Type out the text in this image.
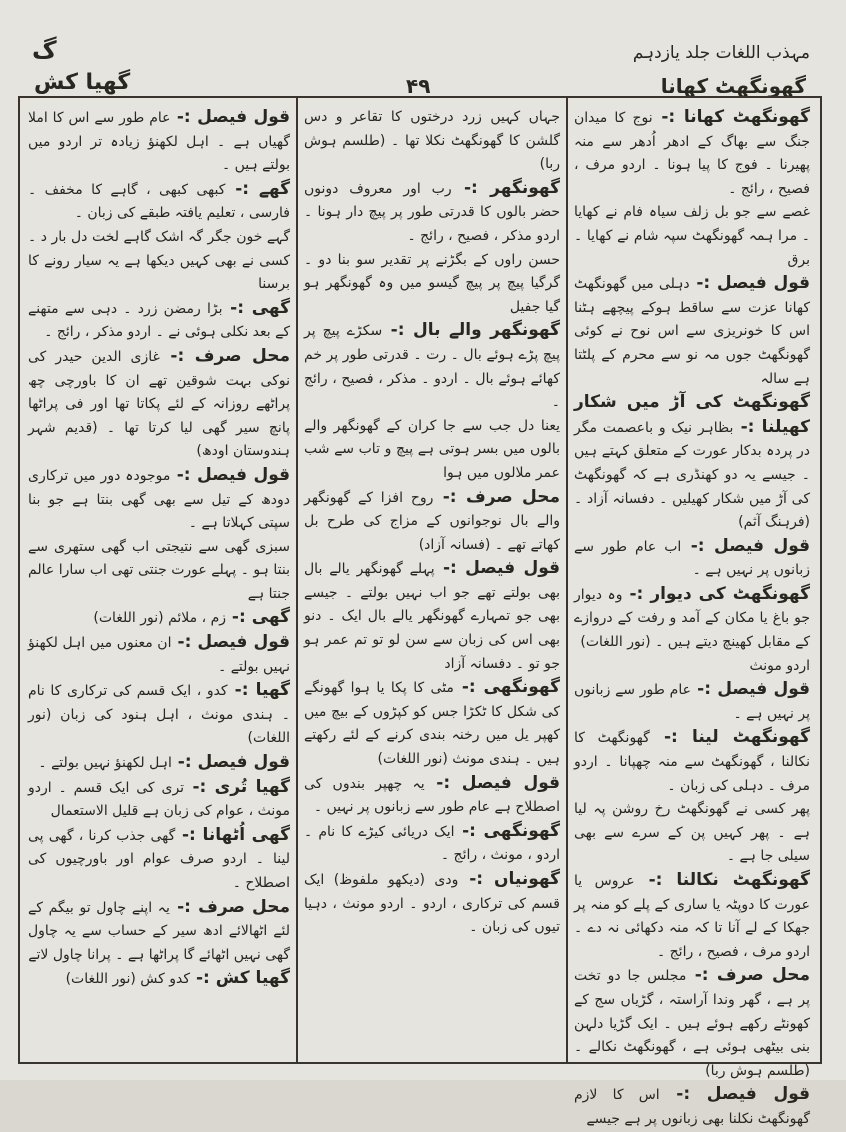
مہذب اللغات جلد یازدہم
گھونگھٹ کھانا
۴۹
گ
گھیا کش

گھونگھٹ کھانا :- نوج کا میدان جنگ سے بھاگ کے ادھر اُدھر سے منہ پھیرنا ۔ فوج کا پیا ہونا ۔ اردو مرف ، فصیح ، رائج ۔

غصے سے جو بل زلف سیاہ فام نے کھایا ۔ مرا ہمہ گھونگھٹ سپہ شام نے کھایا ۔ برق

قول فیصل :- دہلی میں گھونگھٹ کھانا عزت سے ساقط ہوکے پیچھے ہٹنا اس کا خونریزی سے اس نوح نے کوئی گھونگھٹ جوں مہ نو سے محرم کے پلٹتا ہے سالہ

گھونگھٹ کی آڑ میں شکار کھیلنا :- بظاہر نیک و باعصمت مگر در پردہ بدکار عورت کے متعلق کہتے ہیں ۔ جیسے یہ دو کھنڈری ہے کہ گھونگھٹ کی آڑ میں شکار کھیلیں ۔ دفسانہ آزاد ۔ (فرہنگ آثم)

قول فیصل :- اب عام طور سے زبانوں پر نہیں ہے ۔

گھونگھٹ کی دیوار :- وہ دیوار جو باغ یا مکان کے آمد و رفت کے دروازے کے مقابل کھینچ دیتے ہیں ۔ (نور اللغات)

اردو مونث

قول فیصل :- عام طور سے زبانوں پر نہیں ہے ۔

گھونگھٹ لینا :- گھونگھٹ کا نکالنا ، گھونگھٹ سے منہ چھپانا ۔ اردو مرف ۔ دہلی کی زبان ۔

پھر کسی نے گھونگھٹ رخ روشن پہ لیا ہے ۔ پھر کہیں پن کے سرے سے بھی سیلی جا ہے ۔

گھونگھٹ نکالنا :- عروس یا عورت کا دوپٹہ یا ساری کے پلے کو منہ پر جھکا کے لے آنا تا کہ منہ دکھائی نہ دے ۔ اردو مرف ، فصیح ، رائج ۔

محل صرف :- مجلس جا دو تخت پر ہے ، گھر وندا آراستہ ، گڑیاں سج کے کھونٹے رکھے ہوئے ہیں ۔ ایک گڑیا دلہن بنی بیٹھی ہوئی ہے ، گھونگھٹ نکالے ۔ (طلسم ہوش ربا)

قول فیصل :- اس کا لازم گھونگھٹ نکلنا بھی زبانوں پر ہے جیسے

جہاں کہیں زرد درختوں کا تقاعر و دس گلشن کا گھونگھٹ نکلا تھا ۔ (طلسم ہوش ربا)

گھونگھر :- رب اور معروف دونوں حضر بالوں کا قدرتی طور پر پیچ دار ہونا ۔ اردو مذکر ، فصیح ، رائج ۔

حسن راوں کے بگڑنے پر تقدیر سو بنا دو ۔ گرگیا پیچ پر پیچ گیسو میں وہ گھونگھر ہو گیا جفیل

گھونگھر والے بال :- سکڑے پیچ پر پیچ پڑے ہوئے بال ۔ رت ۔ قدرتی طور پر خم کھائے ہوئے بال ۔ اردو ۔ مذکر ، فصیح ، رائج ۔

یعنا دل جب سے جا کران کے گھونگھر والے بالوں میں بسر ہوتی ہے پیچ و تاب سے شب عمر ملالوں میں ہوا

محل صرف :- روح افزا کے گھونگھر والے بال نوجوانوں کے مزاج کی طرح بل کھاتے تھے ۔ (فسانہ آزاد)

قول فیصل :- پہلے گھونگھر یالے بال بھی بولتے تھے جو اب نہیں بولتے ۔ جیسے بھی جو تمہارے گھونگھر یالے بال ایک ۔ دنو بھی اس کی زبان سے سن لو تو تم عمر ہو جو تو ۔ دفسانہ آزاد

گھونگھی :- مٹی کا پکا یا ہوا گھونگے کی شکل کا ٹکڑا جس کو کپڑوں کے بیچ میں کھپر یل میں رخنہ بندی کرنے کے لئے رکھتے ہیں ۔ ہندی مونث (نور اللغات)

قول فیصل :- یہ چھپر بندوں کی اصطلاح ہے عام طور سے زبانوں پر نہیں ۔

گھونگھی :- ایک دریائی کیڑے کا نام ۔ اردو ، مونث ، رائج ۔

گھونیاں :- ودی (دیکھو ملفوظ) ایک قسم کی ترکاری ، اردو ۔ اردو مونث ، دہیا تیوں کی زبان ۔

قول فیصل :- عام طور سے اس کا املا گھیاں ہے ۔ اہل لکھنؤ زیادہ تر اردو میں بولتے ہیں ۔

گھے :- کبھی کبھی ، گاہے کا مخفف ۔ فارسی ، تعلیم یافتہ طبقے کی زبان ۔

گہے خون جگر گہ اشک گاہے لخت دل بار د ۔ کسی نے بھی کہیں دیکھا ہے یہ سیار رونے کا برسنا

گھی :- بڑا رمضن زرد ۔ دہی سے متھنے کے بعد نکلی ہوئی نے ۔ اردو مذکر ، رائج ۔

محل صرف :- غازی الدین حیدر کی نوکی بہت شوقین تھے ان کا باورچی چھ پراٹھے روزانہ کے لئے پکاتا تھا اور فی پراٹھا پانچ سیر گھی لیا کرتا تھا ۔ (قدیم شہر ہندوستان اودھ)

قول فیصل :- موجودہ دور میں ترکاری دودھ کے تیل سے بھی گھی بنتا ہے جو بنا سپتی کہلاتا ہے ۔

سبزی گھی سے نتیجتی اب گھی ستھری سے بنتا ہو ۔ پہلے عورت جنتی تھی اب سارا عالم جنتا ہے

گھی :- زم ، ملائم (نور اللغات)

قول فیصل :- ان معنوں میں اہل لکھنؤ نہیں بولتے ۔

گھیا :- کدو ، ایک قسم کی ترکاری کا نام ۔ ہندی مونث ، اہل ہنود کی زبان (نور اللغات)

قول فیصل :- اہل لکھنؤ نہیں بولتے ۔

گھیا تُری :- تری کی ایک قسم ۔ اردو مونث ، عوام کی زبان ہے قلیل الاستعمال

گھی اُٹھانا :- گھی جذب کرنا ، گھی پی لینا ۔ اردو صرف عوام اور باورچیوں کی اصطلاح ۔

محل صرف :- یہ اپنے چاول تو بیگم کے لئے اٹھالائے ادھ سیر کے حساب سے یہ چاول گھی نہیں اٹھائے گا پراٹھا ہے ۔ پرانا چاول لاتے

گھیا کش :- کدو کش (نور اللغات)
